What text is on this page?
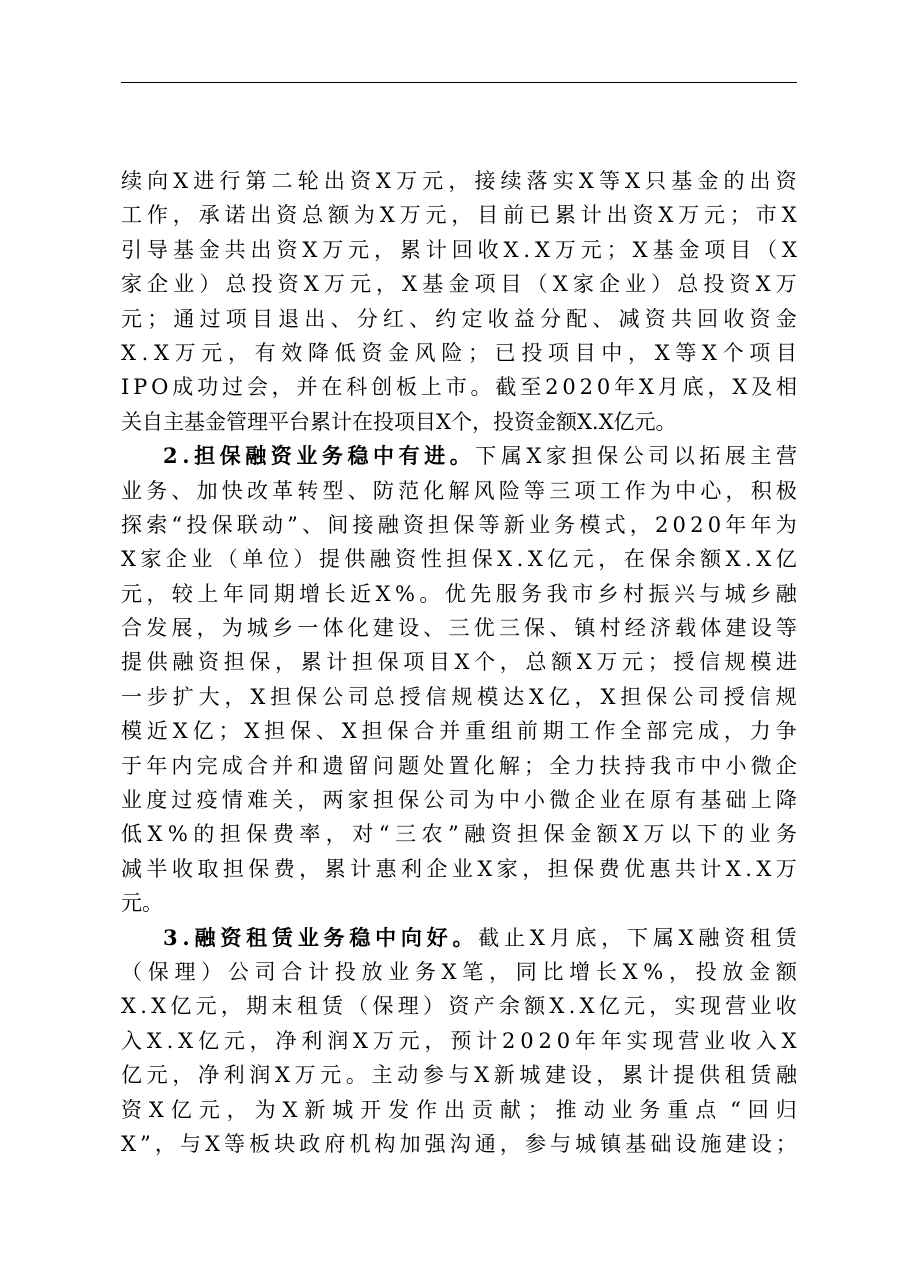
续 向 X 进 行 第 二 轮 出 资 X 万 元 ， 接 续 落 实 X 等 X 只 基 金 的 出 资
工 作 ， 承 诺 出 资 总 额 为 X 万 元 ， 目 前 已 累 计 出 资 X 万 元 ； 市 X
引 导 基 金 共 出 资 X 万 元 ， 累 计 回 收 X . X 万 元 ； X 基 金 项 目 （ X
家 企 业 ） 总 投 资 X 万 元 ， X 基 金 项 目 （ X 家 企 业 ） 总 投 资 X 万
元 ； 通 过 项 目 退 出 、 分 红 、 约 定 收 益 分 配 、 减 资 共 回 收 资 金
X . X 万 元 ， 有 效 降 低 资 金 风 险 ； 已 投 项 目 中 ， X 等 X 个 项 目
I P O 成 功 过 会 ， 并 在 科 创 板 上 市 。 截 至 2 0 2 0 年 X 月 底 ， X 及 相
关自主基金管理平台累计在投项目X个，投资金额X.X亿元。
2 . 担 保 融 资 业 务 稳 中 有 进 。 下 属 X 家 担 保 公 司 以 拓 展 主 营
业 务 、 加 快 改 革 转 型 、 防 范 化 解 风 险 等 三 项 工 作 为 中 心 ， 积 极
探 索 “ 投 保 联 动 ” 、 间 接 融 资 担 保 等 新 业 务 模 式 ， 2 0 2 0 年 年 为
X 家 企 业 （ 单 位 ） 提 供 融 资 性 担 保 X . X 亿 元 ， 在 保 余 额 X . X 亿
元 ， 较 上 年 同 期 增 长 近 X % 。 优 先 服 务 我 市 乡 村 振 兴 与 城 乡 融
合 发 展 ， 为 城 乡 一 体 化 建 设 、 三 优 三 保 、 镇 村 经 济 载 体 建 设 等
提 供 融 资 担 保 ， 累 计 担 保 项 目 X 个 ， 总 额 X 万 元 ； 授 信 规 模 进
一 步 扩 大 ， X 担 保 公 司 总 授 信 规 模 达 X 亿 ， X 担 保 公 司 授 信 规
模 近 X 亿 ； X 担 保 、 X 担 保 合 并 重 组 前 期 工 作 全 部 完 成 ， 力 争
于 年 内 完 成 合 并 和 遗 留 问 题 处 置 化 解 ； 全 力 扶 持 我 市 中 小 微 企
业 度 过 疫 情 难 关 ， 两 家 担 保 公 司 为 中 小 微 企 业 在 原 有 基 础 上 降
低 X % 的 担 保 费 率 ， 对 “ 三 农 ” 融 资 担 保 金 额 X 万 以 下 的 业 务
减 半 收 取 担 保 费 ， 累 计 惠 利 企 业 X 家 ， 担 保 费 优 惠 共 计 X . X 万
元。
3 . 融 资 租 赁 业 务 稳 中 向 好 。 截 止 X 月 底 ， 下 属 X 融 资 租 赁
（ 保 理 ） 公 司 合 计 投 放 业 务 X 笔 ， 同 比 增 长 X % ， 投 放 金 额
X . X 亿 元 ， 期 末 租 赁 （ 保 理 ） 资 产 余 额 X . X 亿 元 ， 实 现 营 业 收
入 X . X 亿 元 ， 净 利 润 X 万 元 ， 预 计 2 0 2 0 年 年 实 现 营 业 收 入 X
亿 元 ， 净 利 润 X 万 元 。 主 动 参 与 X 新 城 建 设 ， 累 计 提 供 租 赁 融
资 X 亿 元 ， 为 X 新 城 开 发 作 出 贡 献 ； 推 动 业 务 重 点 “ 回 归
X ” ， 与 X 等 板 块 政 府 机 构 加 强 沟 通 ， 参 与 城 镇 基 础 设 施 建 设 ；
